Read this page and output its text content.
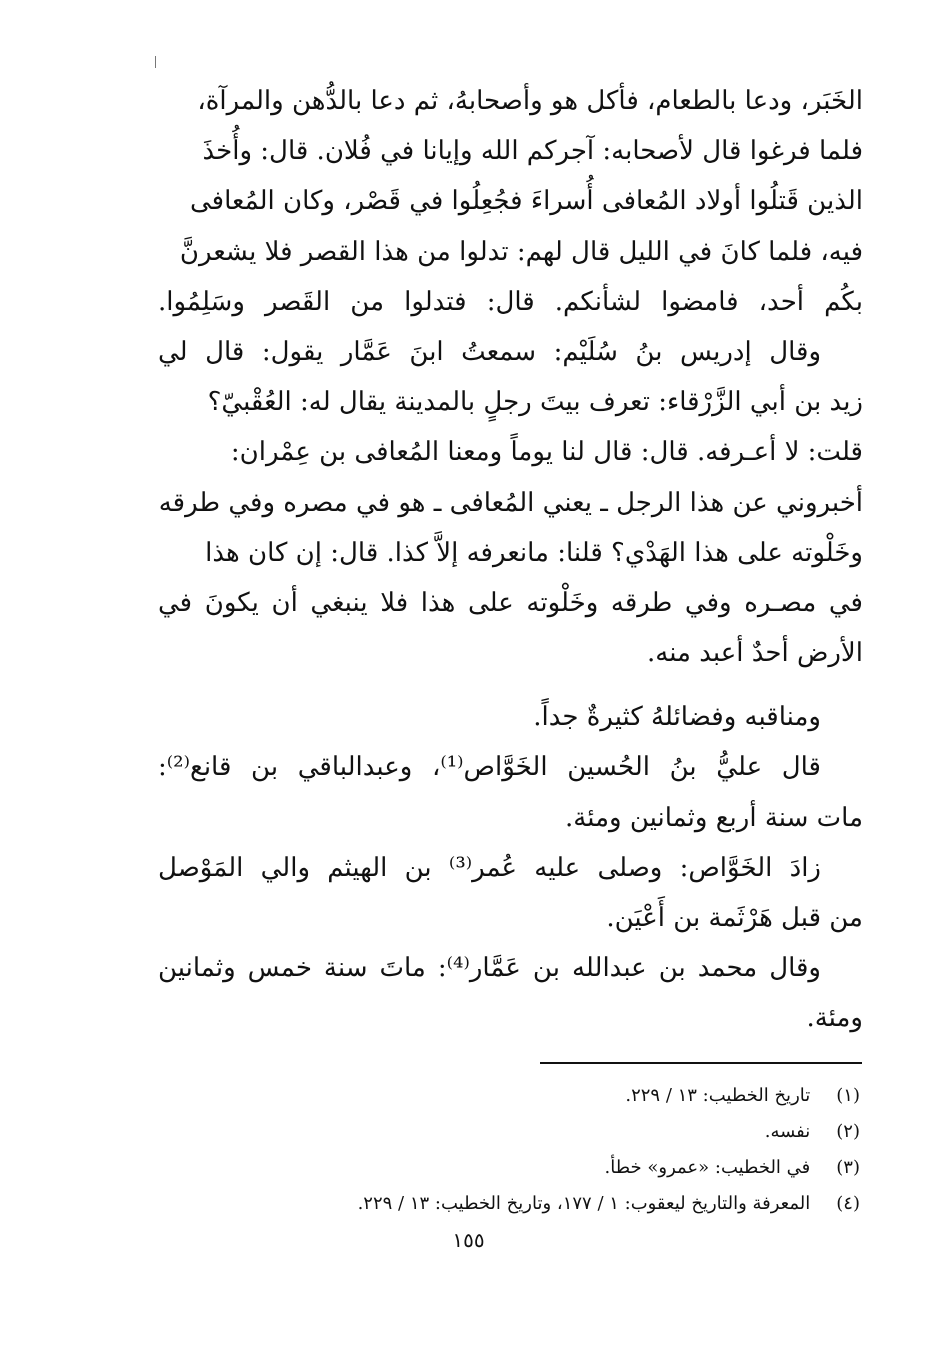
الخَبَر، ودعا بالطعام، فأكل هو وأصحابهُ، ثم دعا بالدُّهن والمرآة،
فلما فرغوا قال لأصحابه: آجركم الله وإيانا في فُلان. قال: وأُخذَ
الذين قَتلُوا أولاد المُعافى أُسراءَ فجُعِلُوا في قَصْر، وكان المُعافى
فيه، فلما كانَ في الليل قال لهم: تدلوا من هذا القصر فلا يشعرنَّ
بكُم أحد، فامضوا لشأنكم. قال: فتدلوا من القَصر وسَلِمُوا.
وقال إدريس بنُ سُلَيْم: سمعتُ ابنَ عَمَّار يقول: قال لي
زيد بن أبي الزَّرْقاء: تعرف بيتَ رجلٍ بالمدينة يقال له: العُقْبيّ؟
قلت: لا أعـرفه. قال: قال لنا يوماً ومعنا المُعافى بن عِمْران:
أخبروني عن هذا الرجل ـ يعني المُعافى ـ هو في مصره وفي طرقه
وخَلْوته على هذا الهَدْي؟ قلنا: مانعرفه إلاَّ كذا. قال: إن كان هذا
في مصـره وفي طرقه وخَلْوته على هذا فلا ينبغي أن يكونَ في
الأرض أحدٌ أعبد منه.
ومناقبه وفضائلهُ كثيرةٌ جداً.
قال عليُّ بنُ الحُسين الخَوَّاص⁽¹⁾، وعبدالباقي بن قانع⁽²⁾:
مات سنة أربع وثمانين ومئة.
زادَ الخَوَّاص: وصلى عليه عُمر⁽³⁾ بن الهيثم والي المَوْصل
من قبل هَرْثَمة بن أَعْيَن.
وقال محمد بن عبدالله بن عَمَّار⁽⁴⁾: ماتَ سنة خمس وثمانين
ومئة.
(١) تاريخ الخطيب: ١٣ / ٢٢٩.
(٢) نفسه.
(٣) في الخطيب: «عمرو» خطأ.
(٤) المعرفة والتاريخ ليعقوب: ١ / ١٧٧، وتاريخ الخطيب: ١٣ / ٢٢٩.
١٥٥
